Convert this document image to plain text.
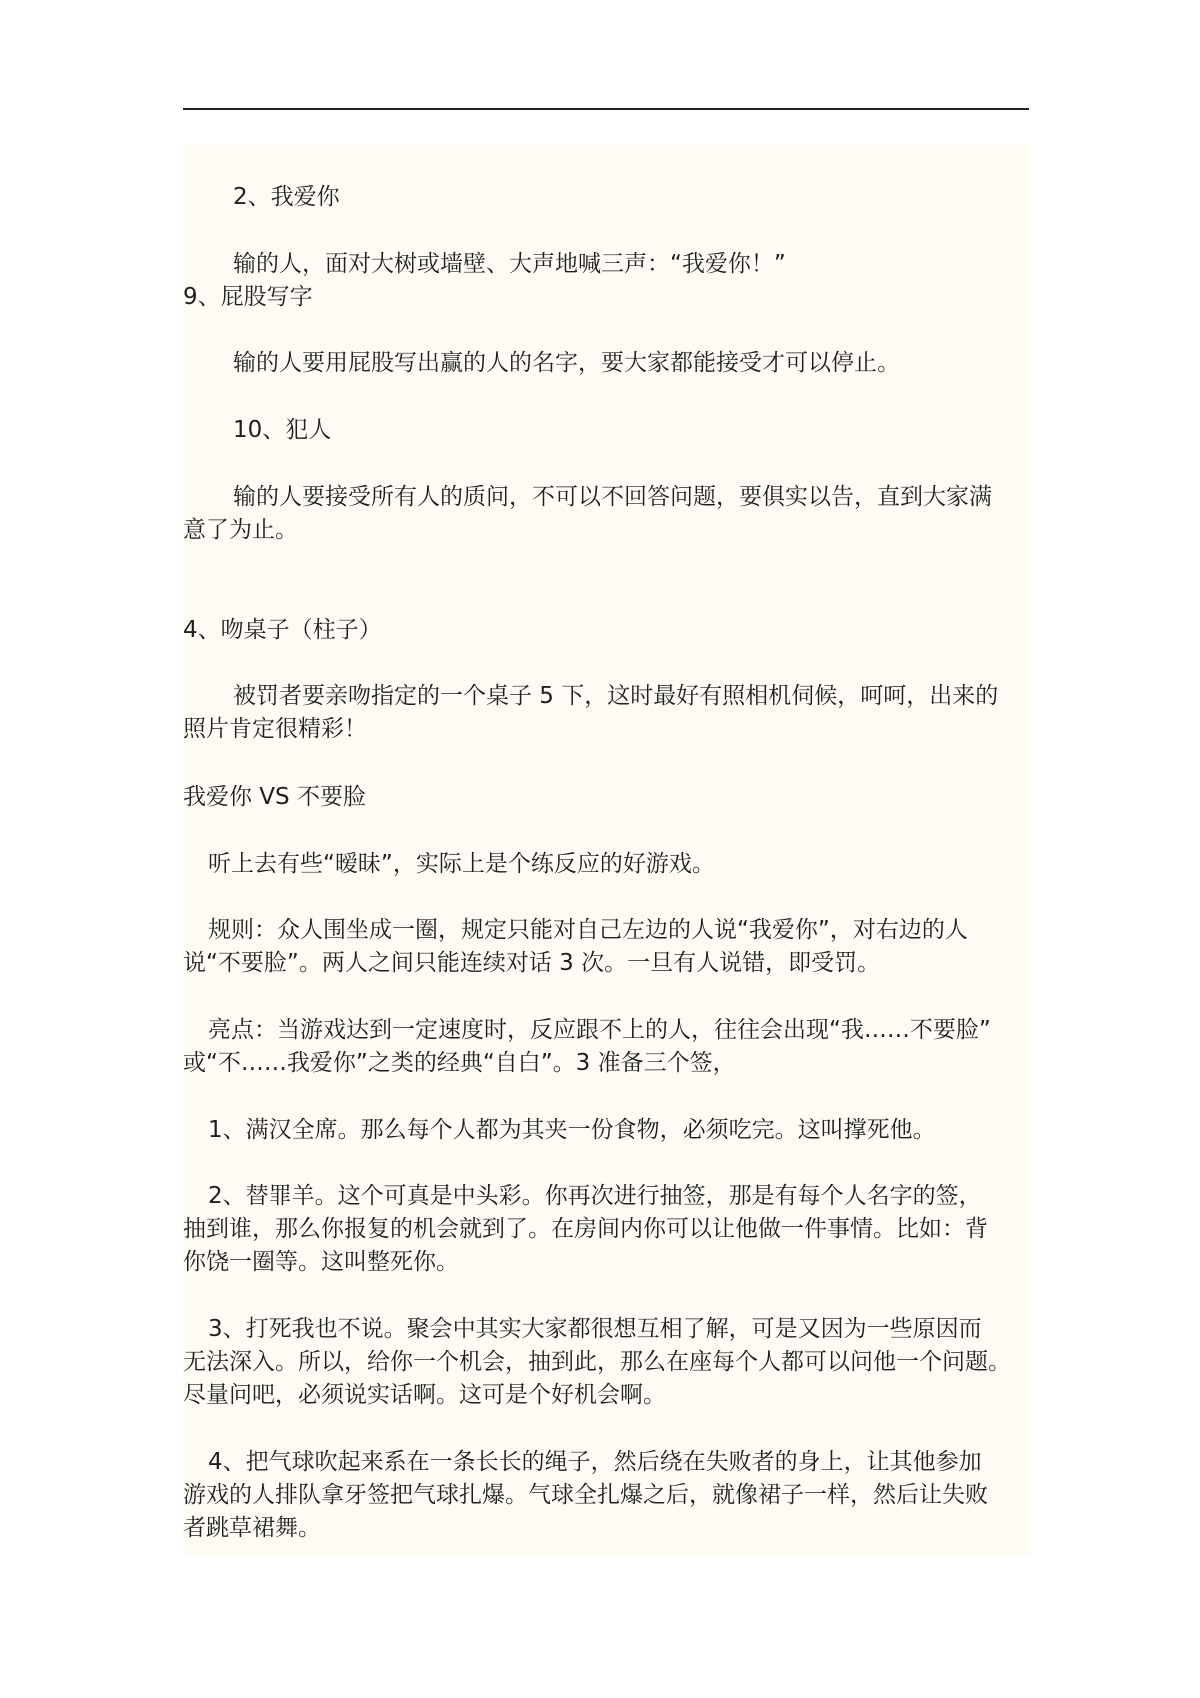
2、我爱你
输的人，面对大树或墙壁、大声地喊三声：“我爱你！”
9、屁股写字
输的人要用屁股写出赢的人的名字，要大家都能接受才可以停止。
10、犯人
输的人要接受所有人的质问，不可以不回答问题，要俱实以告，直到大家满
意了为止。
4、吻桌子（柱子）
被罚者要亲吻指定的一个桌子 5 下，这时最好有照相机伺候，呵呵，出来的
照片肯定很精彩！
我爱你 VS 不要脸
听上去有些“暧昧”，实际上是个练反应的好游戏。
规则：众人围坐成一圈，规定只能对自己左边的人说“我爱你”，对右边的人
说“不要脸”。两人之间只能连续对话 3 次。一旦有人说错，即受罚。
亮点：当游戏达到一定速度时，反应跟不上的人，往往会出现“我……不要脸”
或“不……我爱你”之类的经典“自白”。3 准备三个签，
1、满汉全席。那么每个人都为其夹一份食物，必须吃完。这叫撑死他。
2、替罪羊。这个可真是中头彩。你再次进行抽签，那是有每个人名字的签，
抽到谁，那么你报复的机会就到了。在房间内你可以让他做一件事情。比如：背
你饶一圈等。这叫整死你。
3、打死我也不说。聚会中其实大家都很想互相了解，可是又因为一些原因而
无法深入。所以，给你一个机会，抽到此，那么在座每个人都可以问他一个问题。
尽量问吧，必须说实话啊。这可是个好机会啊。
4、把气球吹起来系在一条长长的绳子，然后绕在失败者的身上，让其他参加
游戏的人排队拿牙签把气球扎爆。气球全扎爆之后，就像裙子一样，然后让失败
者跳草裙舞。
